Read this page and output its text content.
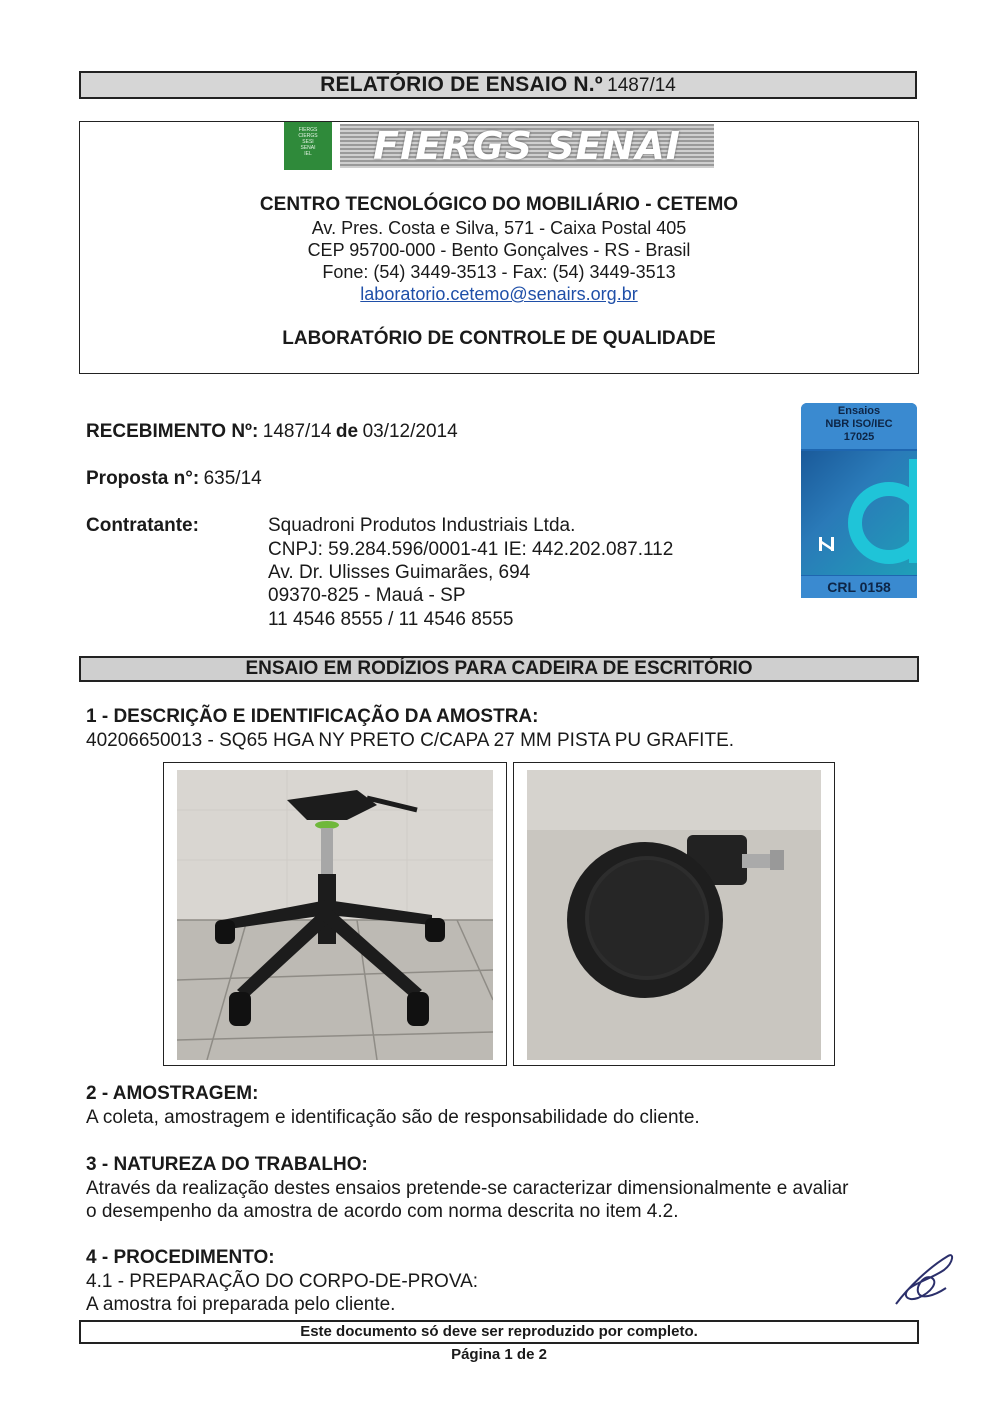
RELATÓRIO DE ENSAIO N.º 1487/14
FIERGS
CIERGS
SESI
SENAI
IEL	FIERGS SENAI
CENTRO TECNOLÓGICO DO MOBILIÁRIO - CETEMO
Av. Pres. Costa e Silva, 571 - Caixa Postal 405
CEP 95700-000 - Bento Gonçalves - RS - Brasil
Fone: (54) 3449-3513 - Fax: (54) 3449-3513
laboratorio.cetemo@senairs.org.br
LABORATÓRIO DE CONTROLE DE QUALIDADE
RECEBIMENTO Nº: 1487/14 de 03/12/2014
Proposta n°: 635/14
Contratante:	Squadroni Produtos Industriais Ltda.
CNPJ: 59.284.596/0001-41 IE: 442.202.087.112
Av. Dr. Ulisses Guimarães, 694
09370-825 - Mauá - SP
11 4546 8555 / 11 4546 8555
Ensaios
NBR ISO/IEC
17025
CRL 0158
ENSAIO EM RODÍZIOS PARA CADEIRA DE ESCRITÓRIO
1 - DESCRIÇÃO E IDENTIFICAÇÃO DA AMOSTRA:
40206650013 - SQ65 HGA NY PRETO C/CAPA 27 MM PISTA PU GRAFITE.
2 - AMOSTRAGEM:
A coleta, amostragem e identificação são de responsabilidade do cliente.
3 - NATUREZA DO TRABALHO:
Através da realização destes ensaios pretende-se caracterizar dimensionalmente e avaliar
o desempenho da amostra de acordo com norma descrita no item 4.2.
4 - PROCEDIMENTO:
4.1 - PREPARAÇÃO DO CORPO-DE-PROVA:
A amostra foi preparada pelo cliente.
Este documento só deve ser reproduzido por completo.
Página 1 de 2
